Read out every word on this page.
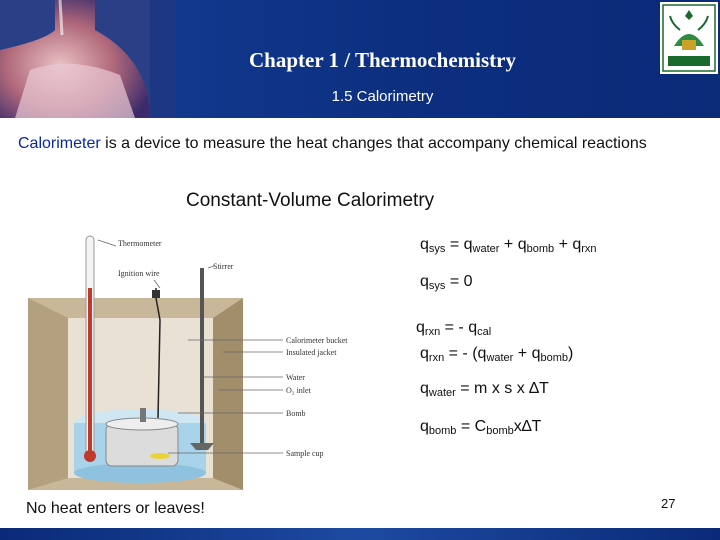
Chapter 1 / Thermochemistry
1.5 Calorimetry
Calorimeter is a device to measure the heat changes that accompany chemical reactions
Constant-Volume Calorimetry
Thermometer
Ignition wire
Stirrer
Calorimeter bucket
Insulated jacket
Water
O₂ inlet
Bomb
Sample cup
$q_{sys} = q_{water} + q_{bomb} + q_{rxn}$
$q_{sys} = 0$
$q_{rxn}$ = - $q_{cal}$
$q_{rxn}$ = - $(q_{water} + q_{bomb})$
$q_{water} = m$ x s x ∆T
$q_{bomb} = C_{bomb}x\Delta T$
No heat enters or leaves!	27
